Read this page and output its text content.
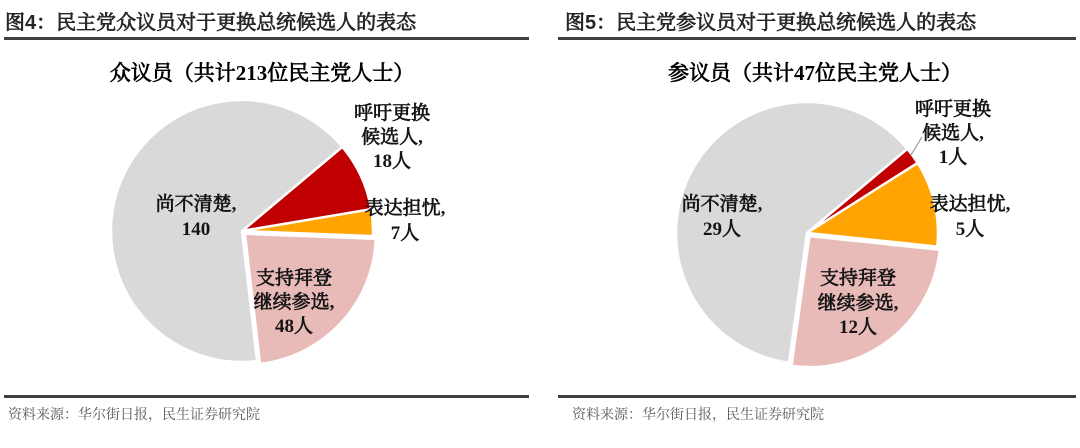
图4：民主党众议员对于更换总统候选人的表态
呼吁更换
候选人,
18人
表达担忧,
7人
支持拜登
继续参选,
48人
尚不清楚,
140
众议员（共计213位民主党人士）
资料来源：华尔街日报，民生证券研究院
图5：民主党参议员对于更换总统候选人的表态
呼吁更换
候选人,
1人
表达担忧,
5人
支持拜登
继续参选,
12人
尚不清楚,
29人
参议员（共计47位民主党人士）
资料来源：华尔街日报，民生证券研究院
